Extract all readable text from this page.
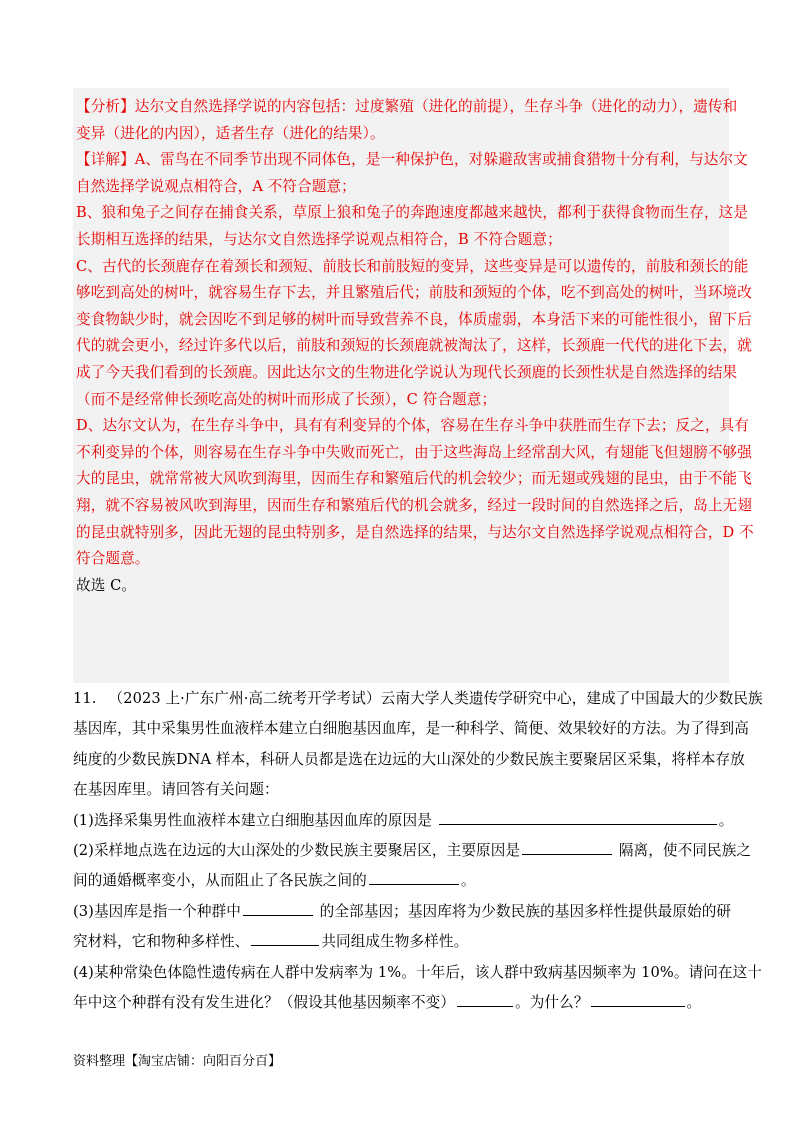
【分析】达尔文自然选择学说的内容包括：过度繁殖（进化的前提），生存斗争（进化的动力），遗传和
变异（进化的内因），适者生存（进化的结果）。
【详解】A、雷鸟在不同季节出现不同体色，是一种保护色，对躲避敌害或捕食猎物十分有利，与达尔文
自然选择学说观点相符合，A 不符合题意；
B、狼和兔子之间存在捕食关系，草原上狼和兔子的奔跑速度都越来越快，都利于获得食物而生存，这是
长期相互选择的结果，与达尔文自然选择学说观点相符合，B 不符合题意；
C、古代的长颈鹿存在着颈长和颈短、前肢长和前肢短的变异，这些变异是可以遗传的，前肢和颈长的能
够吃到高处的树叶，就容易生存下去，并且繁殖后代；前肢和颈短的个体，吃不到高处的树叶，当环境改
变食物缺少时，就会因吃不到足够的树叶而导致营养不良，体质虚弱，本身活下来的可能性很小，留下后
代的就会更小，经过许多代以后，前肢和颈短的长颈鹿就被淘汰了，这样，长颈鹿一代代的进化下去，就
成了今天我们看到的长颈鹿。因此达尔文的生物进化学说认为现代长颈鹿的长颈性状是自然选择的结果
（而不是经常伸长颈吃高处的树叶而形成了长颈），C 符合题意；
D、达尔文认为，在生存斗争中，具有有利变异的个体，容易在生存斗争中获胜而生存下去；反之，具有
不利变异的个体，则容易在生存斗争中失败而死亡，由于这些海岛上经常刮大风，有翅能飞但翅膀不够强
大的昆虫，就常常被大风吹到海里，因而生存和繁殖后代的机会较少；而无翅或残翅的昆虫，由于不能飞
翔，就不容易被风吹到海里，因而生存和繁殖后代的机会就多，经过一段时间的自然选择之后，岛上无翅
的昆虫就特别多，因此无翅的昆虫特别多，是自然选择的结果，与达尔文自然选择学说观点相符合，D 不
符合题意。
故选 C。
11. （2023 上·广东广州·高二统考开学考试）云南大学人类遗传学研究中心，建成了中国最大的少数民族
基因库，其中采集男性血液样本建立白细胞基因血库，是一种科学、简便、效果较好的方法。为了得到高
纯度的少数民族DNA 样本，科研人员都是选在边远的大山深处的少数民族主要聚居区采集，将样本存放
在基因库里。请回答有关问题：
(1)选择采集男性血液样本建立白细胞基因血库的原因是	。
(2)采样地点选在边远的大山深处的少数民族主要聚居区，主要原因是	隔离，使不同民族之
间的通婚概率变小，从而阻止了各民族之间的	。
(3)基因库是指一个种群中	的全部基因；基因库将为少数民族的基因多样性提供最原始的研
究材料，它和物种多样性、	共同组成生物多样性。
(4)某种常染色体隐性遗传病在人群中发病率为 1%。十年后，该人群中致病基因频率为 10%。请问在这十
年中这个种群有没有发生进化？（假设其他基因频率不变）	。为什么？	。
资料整理【淘宝店铺：向阳百分百】
